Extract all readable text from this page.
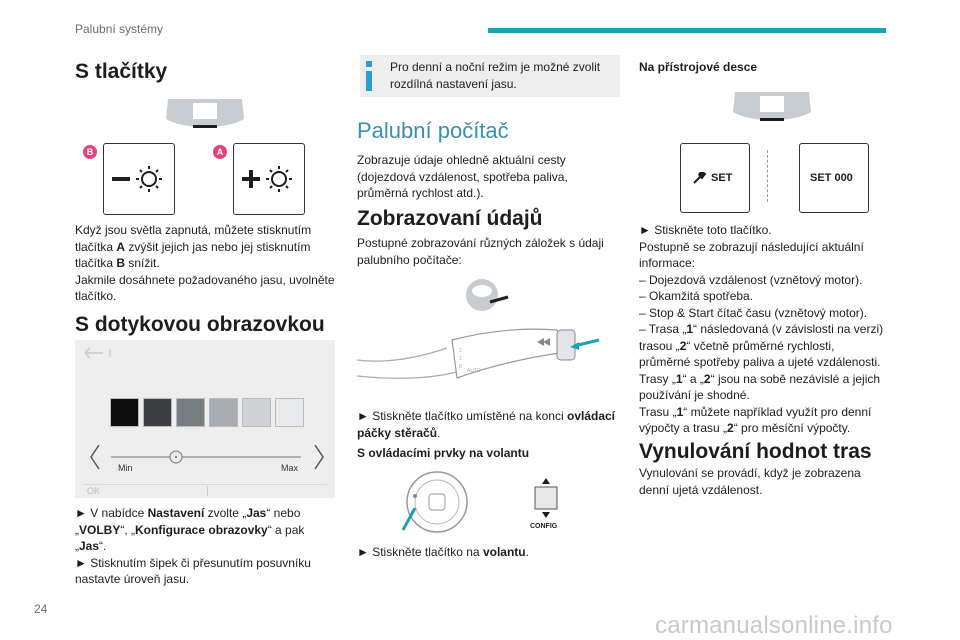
Palubní systémy
S tlačítky
B	A

Když jsou světla zapnutá, můžete stisknutím tlačítka A zvýšit jejich jas nebo jej stisknutím tlačítka B snížit.

Jakmile dosáhnete požadovaného jasu, uvolněte tlačítko.

S dotykovou obrazovkou
Min	Max
OK

► V nabídce Nastavení zvolte „Jas“ nebo „VOLBY“, „Konfigurace obrazovky“ a pak „Jas“.

► Stisknutím šipek či přesunutím posuvníku nastavte úroveň jasu.

Pro denní a noční režim je možné zvolit rozdílná nastavení jasu.

Palubní počítač

Zobrazuje údaje ohledně aktuální cesty (dojezdová vzdálenost, spotřeba paliva, průměrná rychlost atd.).

Zobrazovaní údajů

Postupné zobrazování různých záložek s údaji palubního počítače:

2
1
0
AUTO

► Stiskněte tlačítko umístěné na konci ovládací páčky stěračů.

S ovládacími prvky na volantu
CONFIG

► Stiskněte tlačítko na volantu.

Na přístrojové desce
SET	SET 000

► Stiskněte toto tlačítko.

Postupně se zobrazují následující aktuální informace:

– Dojezdová vzdálenost (vznětový motor).

– Okamžitá spotřeba.

– Stop & Start čítač času (vznětový motor).

– Trasa „1“ následovaná (v závislosti na verzi) trasou „2“ včetně průměrné rychlosti, průměrné spotřeby paliva a ujeté vzdálenosti.

Trasy „1“ a „2“ jsou na sobě nezávislé a jejich používání je shodné.

Trasu „1“ můžete například využít pro denní výpočty a trasu „2“ pro měsíční výpočty.

Vynulování hodnot tras

Vynulování se provádí, když je zobrazena denní ujetá vzdálenost.

24
carmanualsonline.info
